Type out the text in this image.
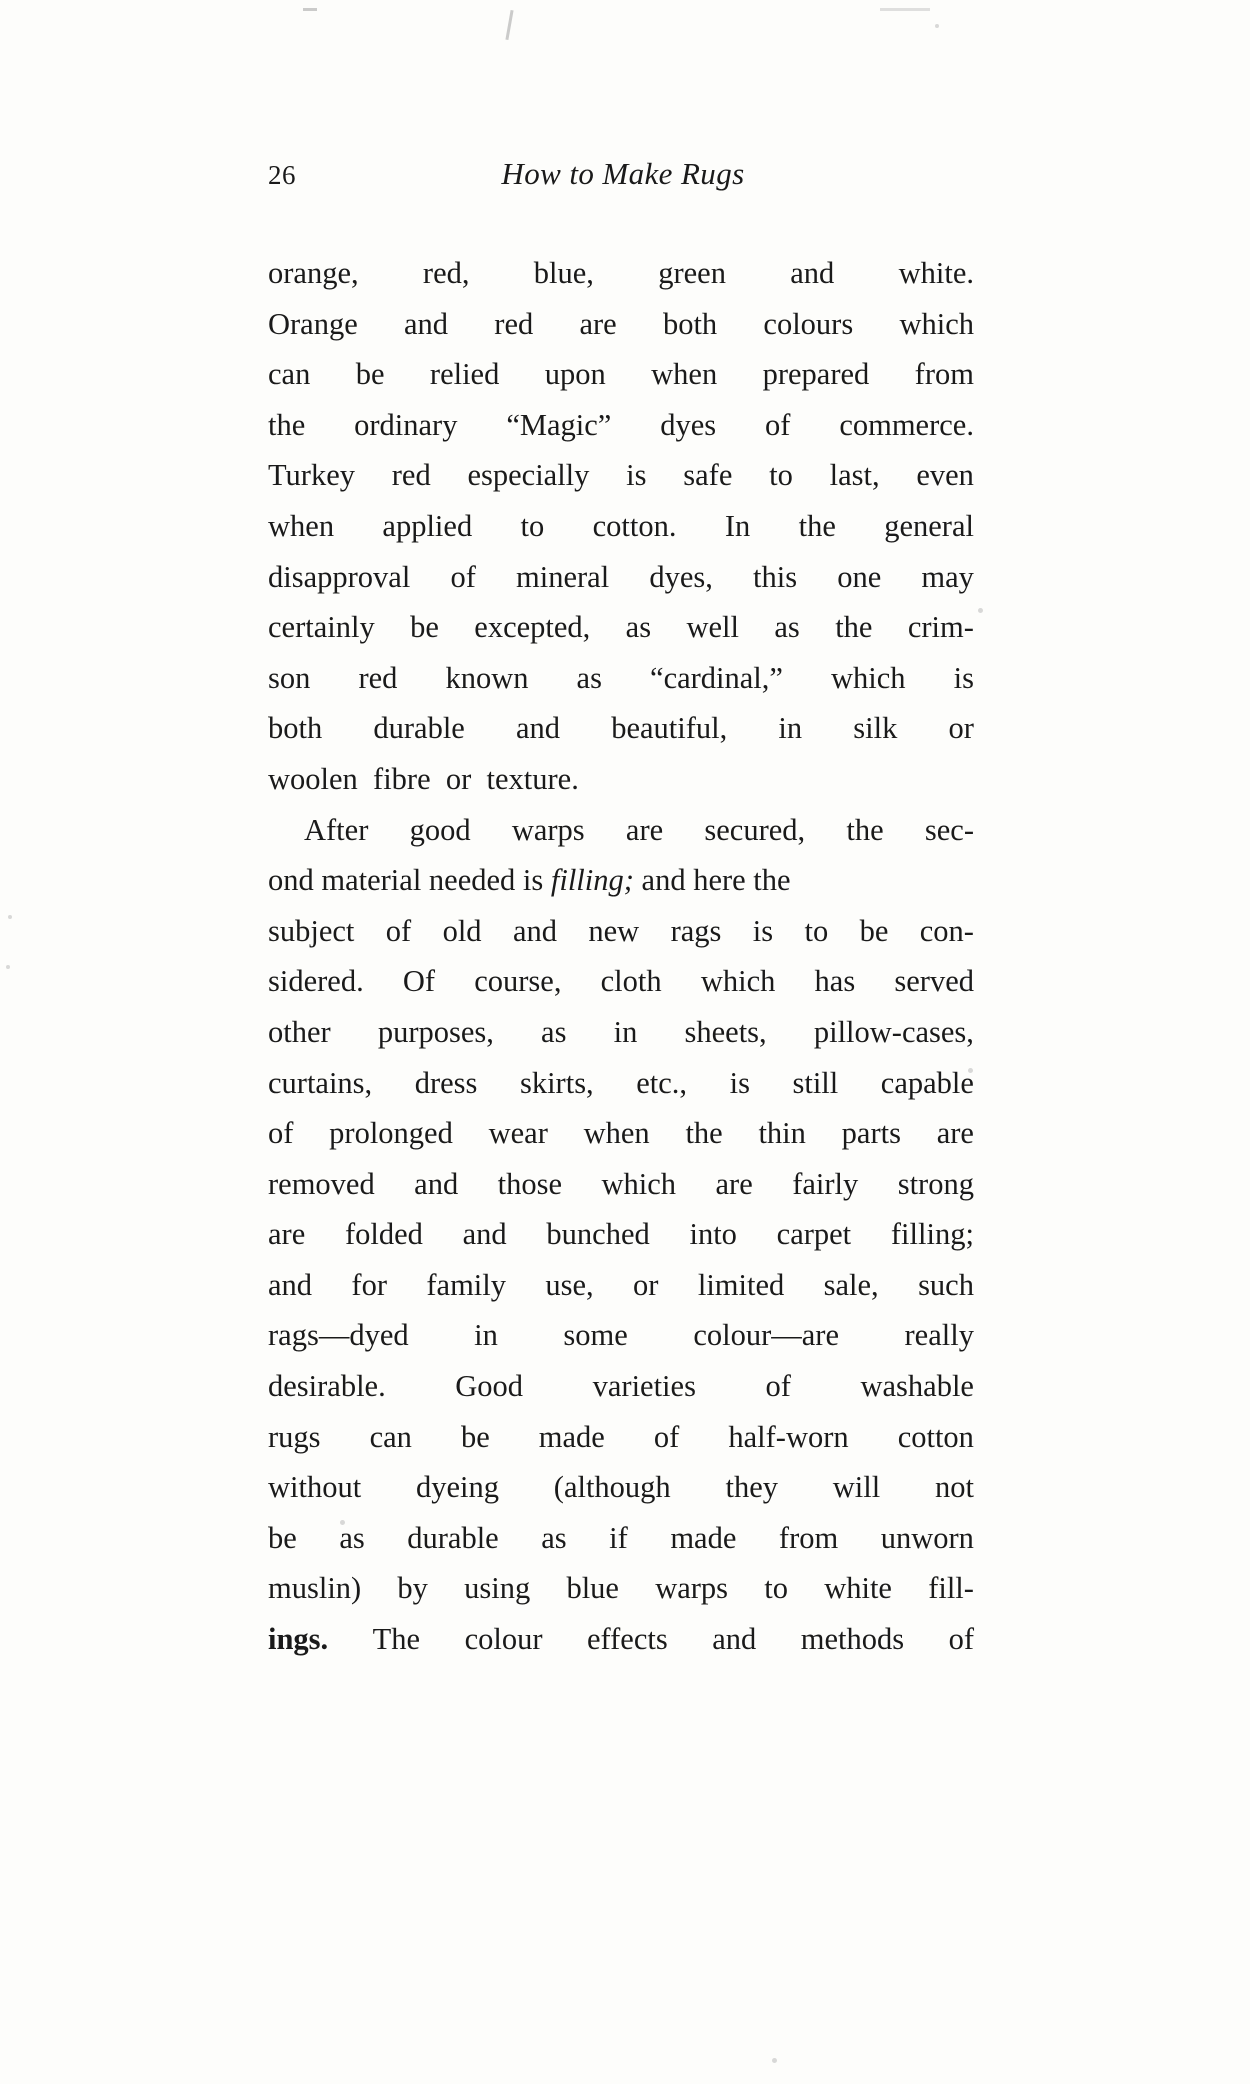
26	How to Make Rugs
orange, red, blue, green and white.
Orange and red are both colours which
can be relied upon when prepared from
the ordinary “Magic” dyes of commerce.
Turkey red especially is safe to last, even
when applied to cotton. In the general
disapproval of mineral dyes, this one may
certainly be excepted, as well as the crim-
son red known as “cardinal,” which is
both durable and beautiful, in silk or
woolen  fibre  or  texture.
After good warps are secured, the sec-
ond material needed is filling; and here the
subject of old and new rags is to be con-
sidered. Of course, cloth which has served
other purposes, as in sheets, pillow-cases,
curtains, dress skirts, etc., is still capable
of prolonged wear when the thin parts are
removed and those which are fairly strong
are folded and bunched into carpet filling;
and for family use, or limited sale, such
rags—dyed in some colour—are really
desirable. Good varieties of washable
rugs can be made of half-worn cotton
without dyeing (although they will not
be as durable as if made from unworn
muslin) by using blue warps to white fill-
ings. The colour effects and methods of
